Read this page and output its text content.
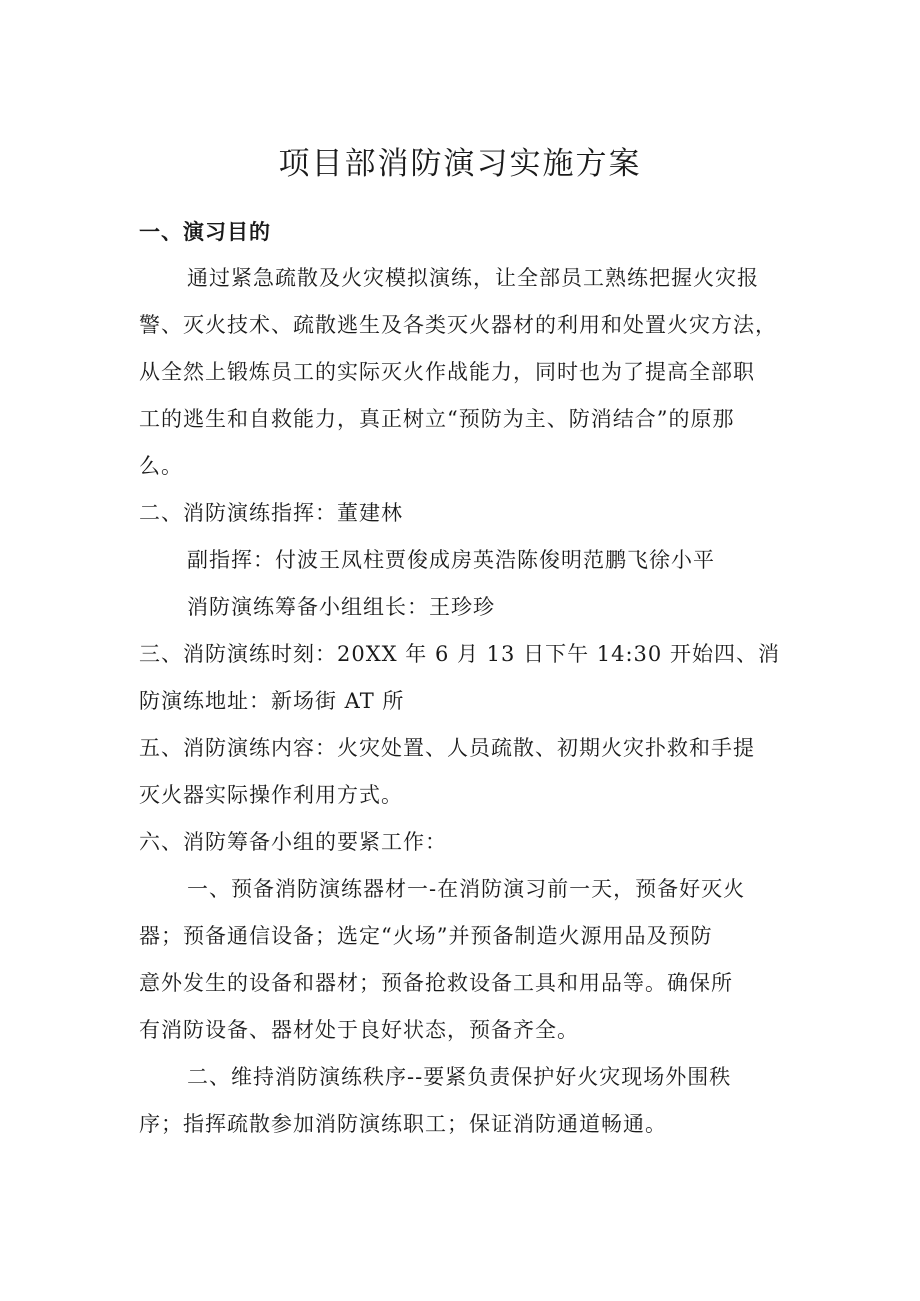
项目部消防演习实施方案

一、演习目的

通过紧急疏散及火灾模拟演练，让全部员工熟练把握火灾报

警、灭火技术、疏散逃生及各类灭火器材的利用和处置火灾方法，

从全然上锻炼员工的实际灭火作战能力，同时也为了提高全部职

工的逃生和自救能力，真正树立“预防为主、防消结合”的原那

么。

二、消防演练指挥：董建林

副指挥：付波王凤柱贾俊成房英浩陈俊明范鹏飞徐小平

消防演练筹备小组组长：王珍珍

三、消防演练时刻：20XX 年 6 月 13 日下午 14:30 开始四、消

防演练地址：新场街 AT 所

五、消防演练内容：火灾处置、人员疏散、初期火灾扑救和手提

灭火器实际操作利用方式。

六、消防筹备小组的要紧工作：

一、预备消防演练器材一-在消防演习前一天，预备好灭火

器；预备通信设备；选定“火场”并预备制造火源用品及预防

意外发生的设备和器材；预备抢救设备工具和用品等。确保所

有消防设备、器材处于良好状态，预备齐全。

二、维持消防演练秩序--要紧负责保护好火灾现场外围秩

序；指挥疏散参加消防演练职工；保证消防通道畅通。
